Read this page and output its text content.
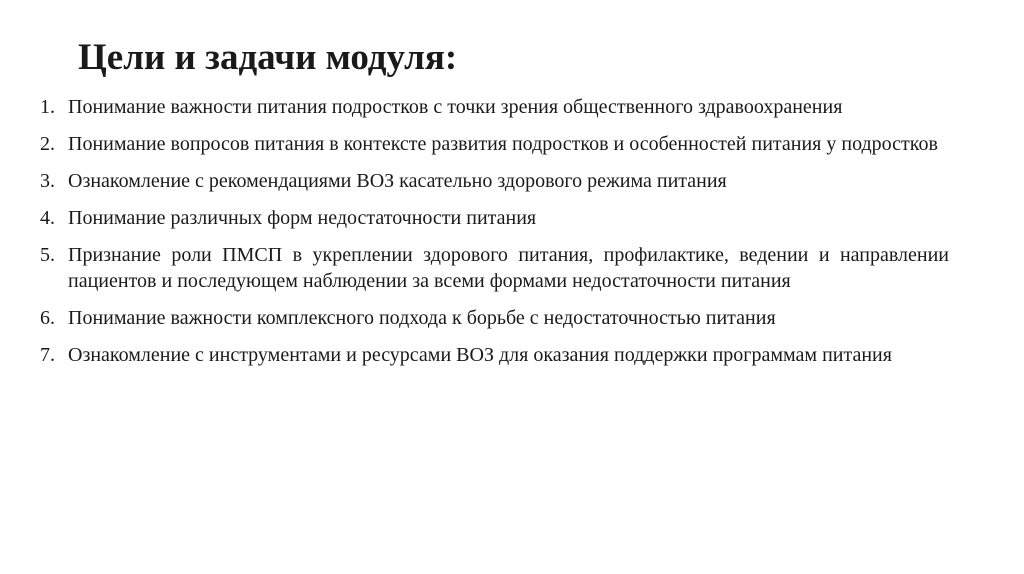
Цели и задачи модуля:
1. Понимание важности питания подростков с точки зрения общественного здравоохранения
2. Понимание вопросов питания в контексте развития подростков и особенностей питания у подростков
3. Ознакомление с рекомендациями ВОЗ касательно здорового режима питания
4. Понимание различных форм недостаточности питания
5. Признание роли ПМСП в укреплении здорового питания, профилактике, ведении и направлении пациентов и последующем наблюдении за всеми формами недостаточности питания
6. Понимание важности комплексного подхода к борьбе с недостаточностью питания
7. Ознакомление с инструментами и ресурсами ВОЗ для оказания поддержки программам питания
